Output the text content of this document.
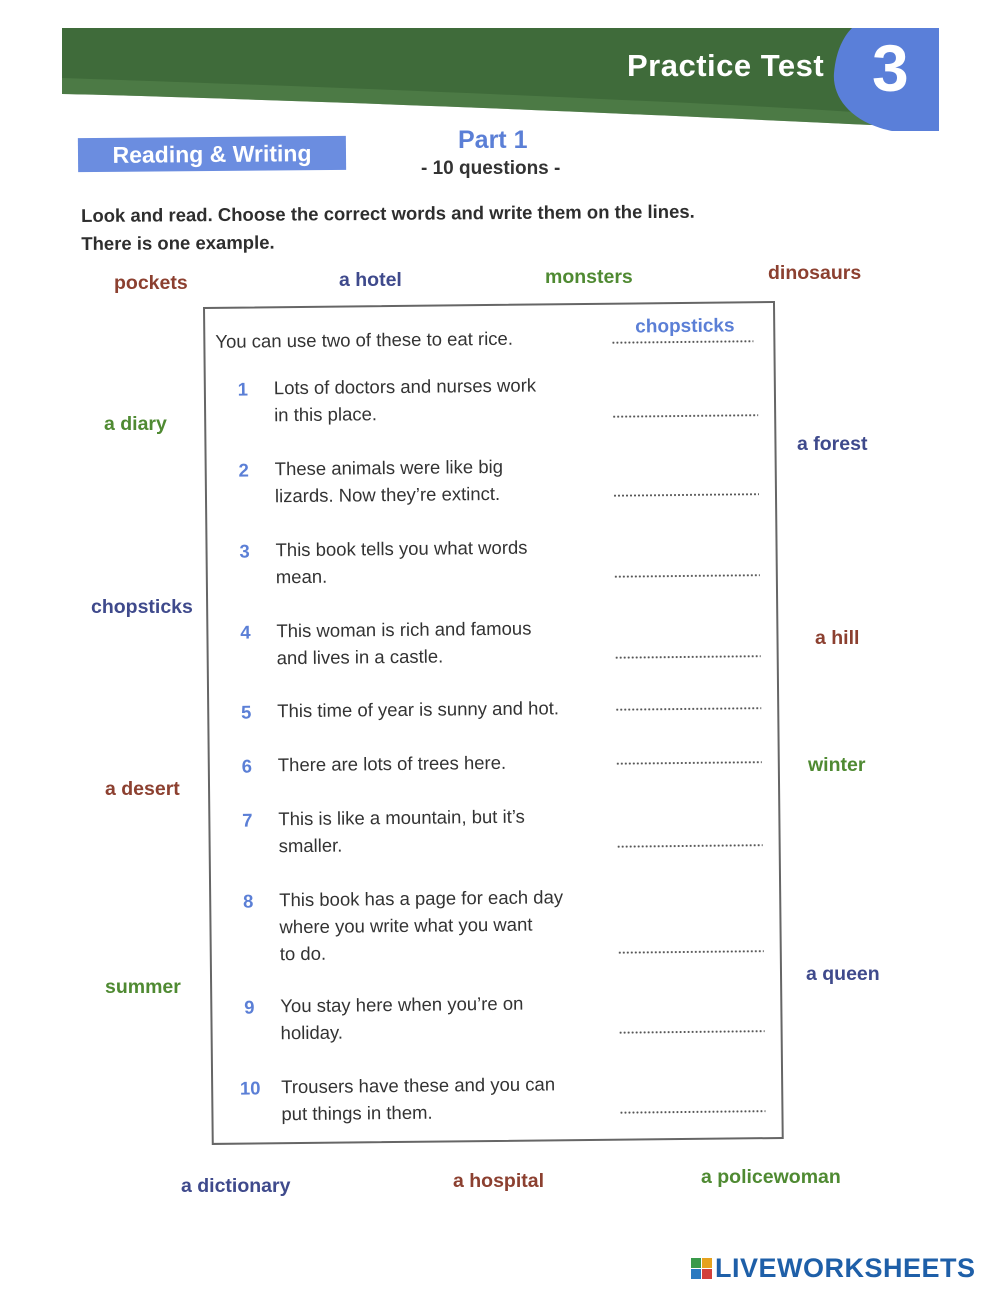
Practice Test 3
Reading & Writing	Part 1
- 10 questions -
Look and read. Choose the correct words and write them on the lines.
There is one example.
pockets	a hotel	monsters	dinosaurs
a diary
a forest
chopsticks
a hill
a desert
winter
summer
a queen
a dictionary	a hospital	a policewoman
You can use two of these to eat rice.
chopsticks
1	Lots of doctors and nurses work
in this place.
2	These animals were like big
lizards. Now they’re extinct.
3	This book tells you what words
mean.
4	This woman is rich and famous
and lives in a castle.
5	This time of year is sunny and hot.
6	There are lots of trees here.
7	This is like a mountain, but it’s
smaller.
8	This book has a page for each day
where you write what you want
to do.
9	You stay here when you’re on
holiday.
10 Trousers have these and you can
put things in them.
LIVEWORKSHEETS
